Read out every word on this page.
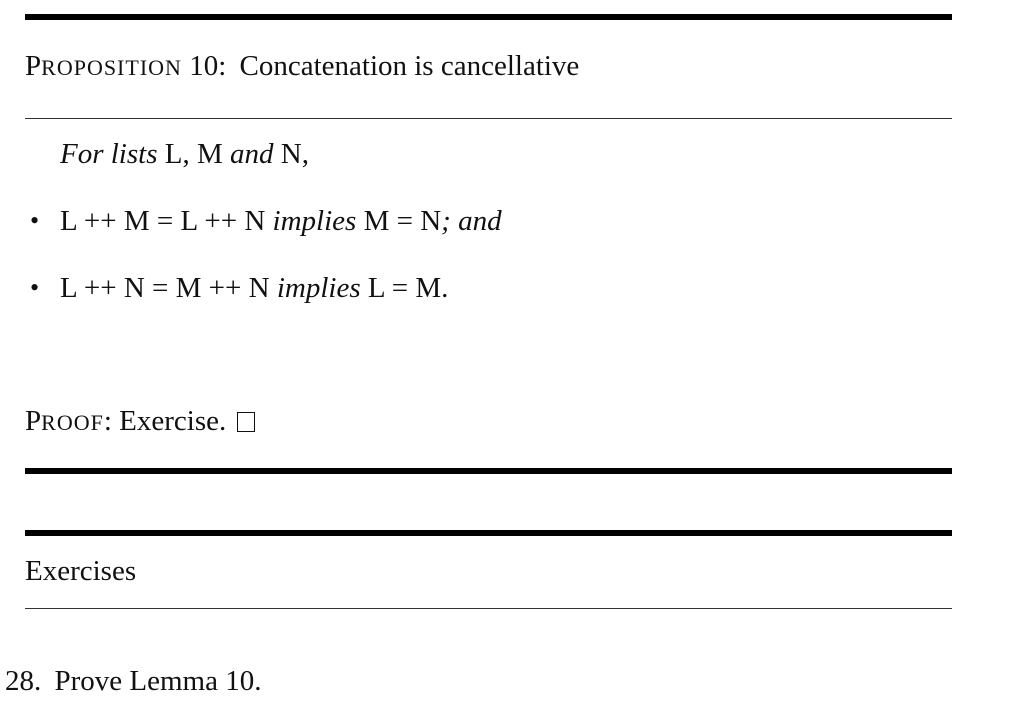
PROPOSITION 10: Concatenation is cancellative
For lists L, M and N,
• L ++ M = L ++ N implies M = N; and
• L ++ N = M ++ N implies L = M.
PROOF: Exercise.
Exercises
28. Prove Lemma 10.
